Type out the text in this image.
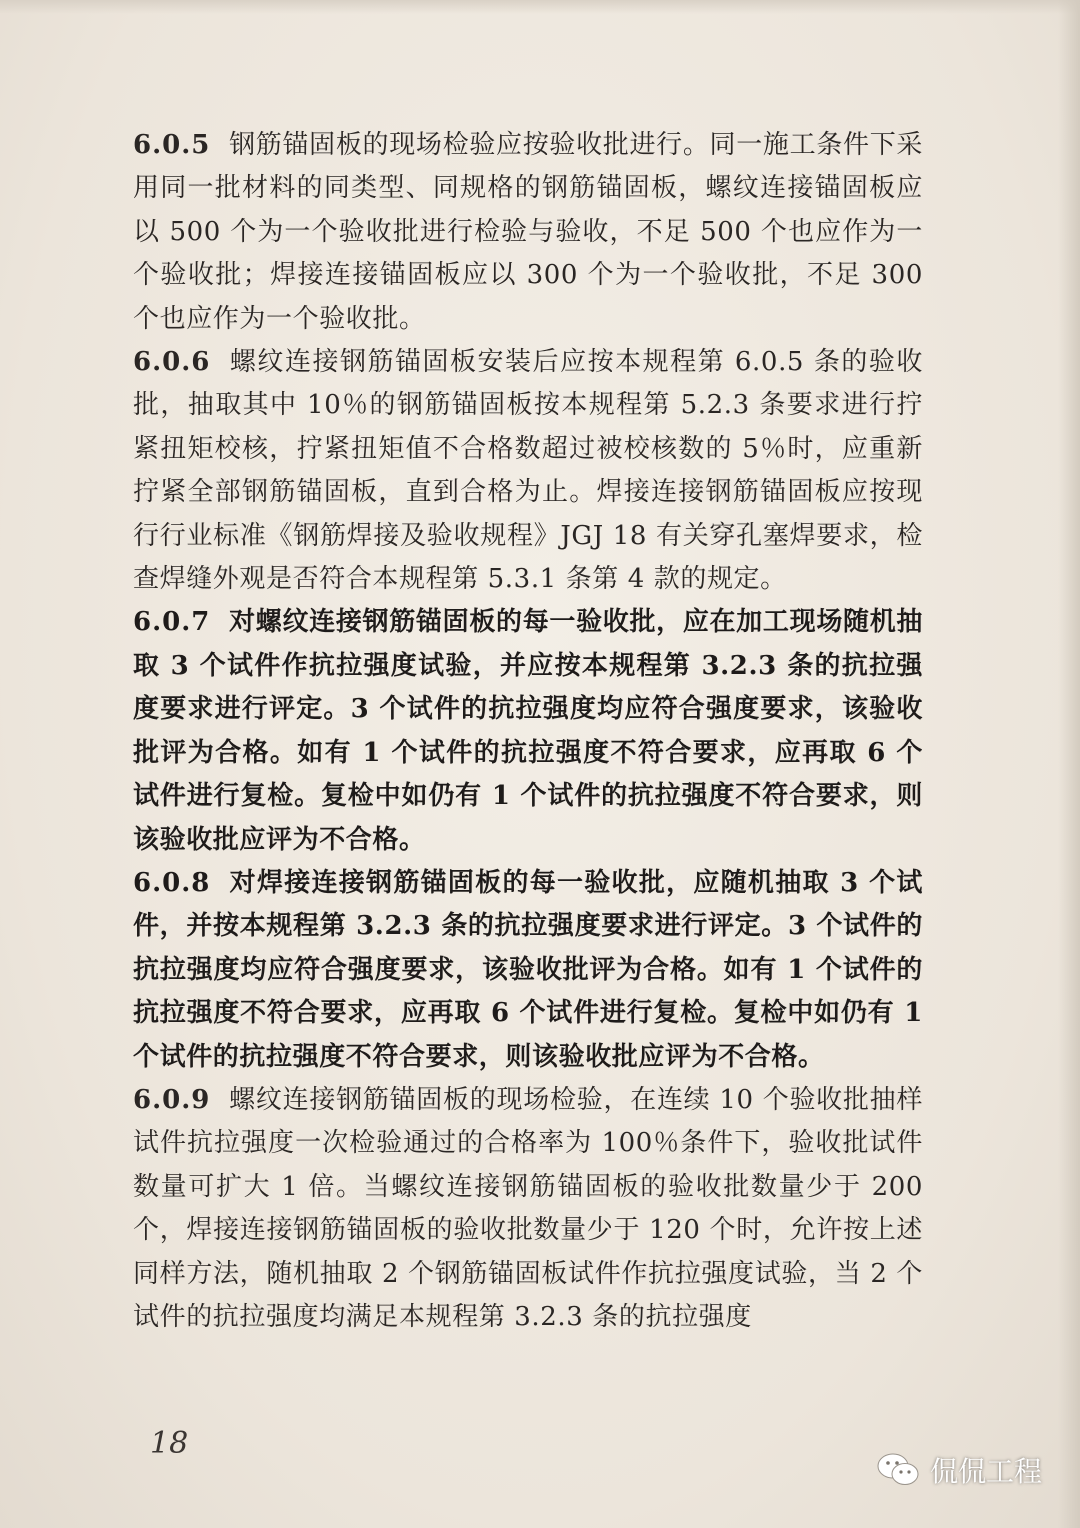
6.0.5 钢筋锚固板的现场检验应按验收批进行。同一施工条件下采用同一批材料的同类型、同规格的钢筋锚固板，螺纹连接锚固板应以 500 个为一个验收批进行检验与验收，不足 500 个也应作为一个验收批；焊接连接锚固板应以 300 个为一个验收批，不足 300 个也应作为一个验收批。

6.0.6 螺纹连接钢筋锚固板安装后应按本规程第 6.0.5 条的验收批，抽取其中 10％的钢筋锚固板按本规程第 5.2.3 条要求进行拧紧扭矩校核，拧紧扭矩值不合格数超过被校核数的 5％时，应重新拧紧全部钢筋锚固板，直到合格为止。焊接连接钢筋锚固板应按现行行业标准《钢筋焊接及验收规程》JGJ 18 有关穿孔塞焊要求，检查焊缝外观是否符合本规程第 5.3.1 条第 4 款的规定。

6.0.7 对螺纹连接钢筋锚固板的每一验收批，应在加工现场随机抽取 3 个试件作抗拉强度试验，并应按本规程第 3.2.3 条的抗拉强度要求进行评定。3 个试件的抗拉强度均应符合强度要求，该验收批评为合格。如有 1 个试件的抗拉强度不符合要求，应再取 6 个试件进行复检。复检中如仍有 1 个试件的抗拉强度不符合要求，则该验收批应评为不合格。

6.0.8 对焊接连接钢筋锚固板的每一验收批，应随机抽取 3 个试件，并按本规程第 3.2.3 条的抗拉强度要求进行评定。3 个试件的抗拉强度均应符合强度要求，该验收批评为合格。如有 1 个试件的抗拉强度不符合要求，应再取 6 个试件进行复检。复检中如仍有 1 个试件的抗拉强度不符合要求，则该验收批应评为不合格。

6.0.9 螺纹连接钢筋锚固板的现场检验，在连续 10 个验收批抽样试件抗拉强度一次检验通过的合格率为 100％条件下，验收批试件数量可扩大 1 倍。当螺纹连接钢筋锚固板的验收批数量少于 200 个，焊接连接钢筋锚固板的验收批数量少于 120 个时，允许按上述同样方法，随机抽取 2 个钢筋锚固板试件作抗拉强度试验，当 2 个试件的抗拉强度均满足本规程第 3.2.3 条的抗拉强度

18
侃侃工程
